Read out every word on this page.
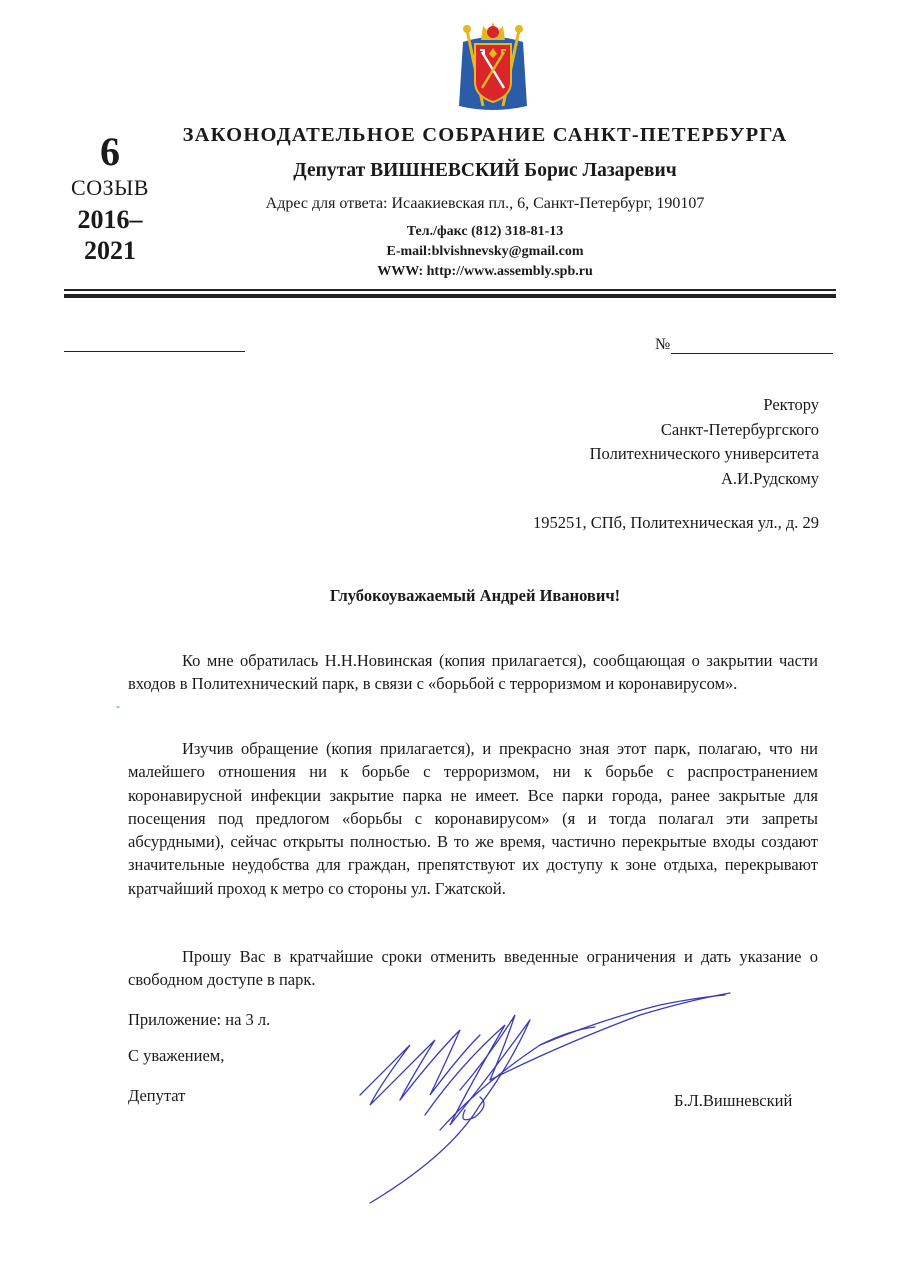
6
СОЗЫВ
2016–
2021
ЗАКОНОДАТЕЛЬНОЕ СОБРАНИЕ САНКТ-ПЕТЕРБУРГА
Депутат ВИШНЕВСКИЙ Борис Лазаревич
Адрес для ответа: Исаакиевская пл., 6, Санкт-Петербург, 190107
Тел./факс (812) 318-81-13
E-mail:blvishnevsky@gmail.com
WWW: http://www.assembly.spb.ru
№
Ректору
Санкт-Петербургского
Политехнического университета
А.И.Рудскому
195251, СПб, Политехническая ул., д. 29
Глубокоуважаемый Андрей Иванович!
-
Ко мне обратилась Н.Н.Новинская (копия прилагается), сообщающая о закрытии части входов в Политехнический парк, в связи с «борьбой с терроризмом и коронавирусом».
Изучив обращение (копия прилагается), и прекрасно зная этот парк, полагаю, что ни малейшего отношения ни к борьбе с терроризмом, ни к борьбе с распространением коронавирусной инфекции закрытие парка не имеет. Все парки города, ранее закрытые для посещения под предлогом «борьбы с коронавирусом» (я и тогда полагал эти запреты абсурдными), сейчас открыты полностью. В то же время, частично перекрытые входы создают значительные неудобства для граждан, препятствуют их доступу к зоне отдыха, перекрывают кратчайший проход к метро со стороны ул. Гжатской.
Прошу Вас в кратчайшие сроки отменить введенные ограничения и дать указание о свободном доступе в парк.
Приложение: на 3 л.
С уважением,
Депутат	Б.Л.Вишневский
